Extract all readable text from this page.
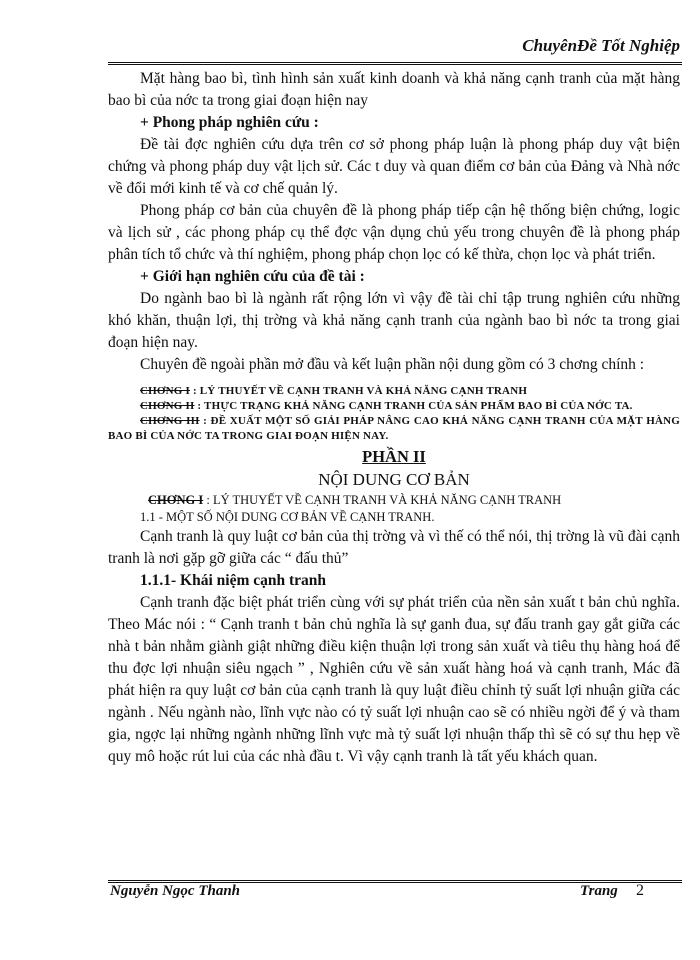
ChuyênĐề Tốt Nghiệp

Mặt hàng bao bì, tình hình sản xuất kinh doanh và khả năng cạnh tranh của mặt hàng bao bì của nớc ta trong giai đoạn hiện nay

+ Phong pháp nghiên cứu :

Đề tài đợc nghiên cứu dựa trên cơ sở phong pháp luận là phong pháp duy vật biện chứng và phong pháp duy vật lịch sử. Các t duy và quan điểm cơ bản của Đảng và Nhà nớc về đổi mới kinh tế và cơ chế quản lý.

Phong pháp cơ bản của chuyên đề là phong pháp tiếp cận hệ thống biện chứng, logic và lịch sử , các phong pháp cụ thể đợc vận dụng chủ yếu trong chuyên đề là phong pháp phân tích tổ chức và thí nghiệm, phong pháp chọn lọc có kế thừa, chọn lọc và phát triển.

+ Giới hạn nghiên cứu của đề tài :

Do ngành bao bì là ngành rất rộng lớn vì vậy đề tài chỉ tập trung nghiên cứu những khó khăn, thuận lợi, thị trờng và khả năng cạnh tranh của ngành bao bì nớc ta trong giai đoạn hiện nay.

Chuyên đề ngoài phần mở đầu và kết luận phần nội dung gồm có 3 chơng chính :

CHƠNG I : LÝ THUYẾT VỀ CẠNH TRANH VÀ KHẢ NĂNG CẠNH TRANH

CHƠNG II : THỰC TRẠNG KHẢ NĂNG CẠNH TRANH CỦA SẢN PHẨM BAO BÌ CỦA NỚC TA.

CHƠNG III : ĐỀ XUẤT MỘT SỐ GIẢI PHÁP NÂNG CAO KHẢ NĂNG CẠNH TRANH CỦA MẶT HÀNG BAO BÌ CỦA NỚC TA TRONG GIAI ĐOẠN HIỆN NAY.

PHẦN II

NỘI DUNG CƠ BẢN

CHƠNG I : LÝ THUYẾT VỀ CẠNH TRANH VÀ KHẢ NĂNG CẠNH TRANH

1.1 - MỘT SỐ NỘI DUNG CƠ BẢN VỀ CẠNH TRANH.

Cạnh tranh là quy luật cơ bản của thị trờng và vì thế có thể nói, thị trờng là vũ đài cạnh tranh là nơi gặp gỡ giữa các “ đấu thủ”

1.1.1- Khái niệm cạnh tranh

Cạnh tranh đặc biệt phát triển cùng với sự phát triển của nền sản xuất t bản chủ nghĩa. Theo Mác nói : “ Cạnh tranh t bản chủ nghĩa là sự ganh đua, sự đấu tranh gay gắt giữa các nhà t bản nhằm giành giật những điều kiện thuận lợi trong sản xuất và tiêu thụ hàng hoá để thu đợc lợi nhuận siêu ngạch ” , Nghiên cứu về sản xuất hàng hoá và cạnh tranh, Mác đã phát hiện ra quy luật cơ bản của cạnh tranh là quy luật điều chỉnh tỷ suất lợi nhuận giữa các ngành . Nếu ngành nào, lĩnh vực nào có tỷ suất lợi nhuận cao sẽ có nhiều ngời để ý và tham gia, ngợc lại những ngành những lĩnh vực mà tỷ suất lợi nhuận thấp thì sẽ có sự thu hẹp về quy mô hoặc rút lui của các nhà đầu t. Vì vậy cạnh tranh là tất yếu khách quan.

Nguyễn Ngọc Thanh	Trang 2
